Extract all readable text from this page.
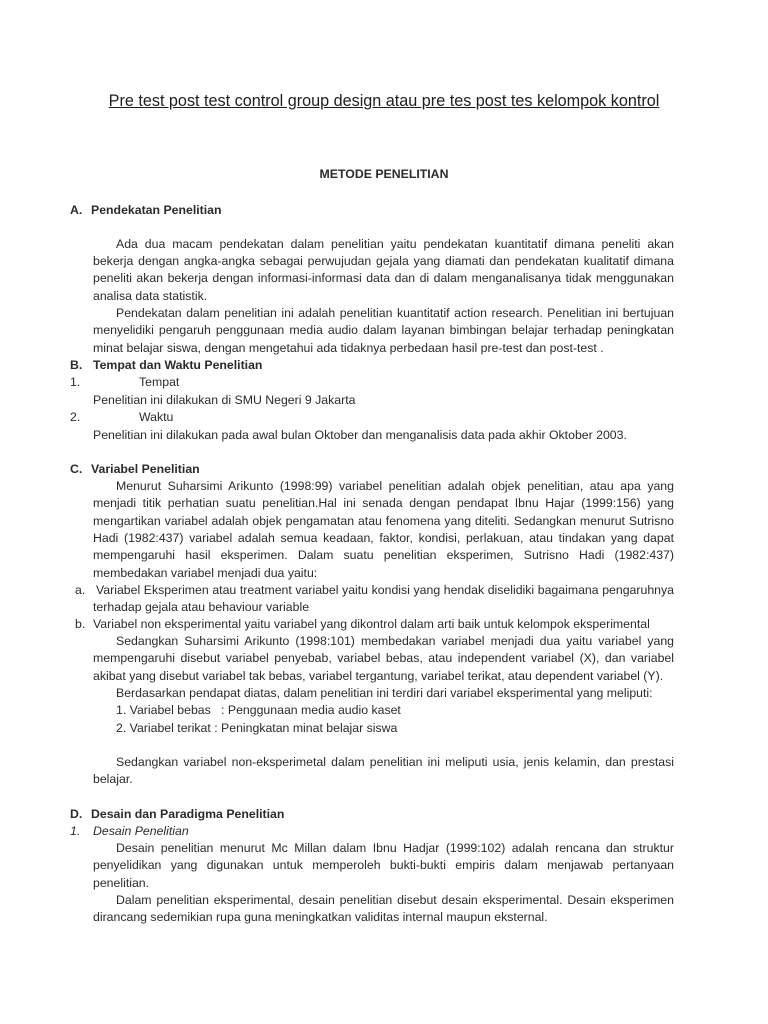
Pre test post test control group design atau pre tes post tes kelompok kontrol
METODE PENELITIAN
A. Pendekatan Penelitian
Ada dua macam pendekatan dalam penelitian yaitu pendekatan kuantitatif dimana peneliti akan
bekerja dengan angka-angka sebagai perwujudan gejala yang diamati dan pendekatan kualitatif dimana
peneliti akan bekerja dengan informasi-informasi data dan di dalam menganalisanya tidak menggunakan
analisa data statistik.
Pendekatan dalam penelitian ini adalah penelitian kuantitatif action research. Penelitian ini bertujuan
menyelidiki pengaruh penggunaan media audio dalam layanan bimbingan belajar terhadap peningkatan
minat belajar siswa, dengan mengetahui ada tidaknya perbedaan hasil pre-test dan post-test .
B. Tempat dan Waktu Penelitian
1.	Tempat
Penelitian ini dilakukan di SMU Negeri 9 Jakarta
2.	Waktu
Penelitian ini dilakukan pada awal bulan Oktober dan menganalisis data pada akhir Oktober 2003.
C. Variabel Penelitian
Menurut Suharsimi Arikunto (1998:99) variabel penelitian adalah objek penelitian, atau apa yang
menjadi titik perhatian suatu penelitian.Hal ini senada dengan pendapat Ibnu Hajar (1999:156) yang
mengartikan variabel adalah objek pengamatan atau fenomena yang diteliti. Sedangkan menurut Sutrisno
Hadi (1982:437) variabel adalah semua keadaan, faktor, kondisi, perlakuan, atau tindakan yang dapat
mempengaruhi hasil eksperimen. Dalam suatu penelitian eksperimen, Sutrisno Hadi (1982:437)
membedakan variabel menjadi dua yaitu:
a. Variabel Eksperimen atau treatment variabel yaitu kondisi yang hendak diselidiki bagaimana pengaruhnya
terhadap gejala atau behaviour variable
b. Variabel non eksperimental yaitu variabel yang dikontrol dalam arti baik untuk kelompok eksperimental
Sedangkan Suharsimi Arikunto (1998:101) membedakan variabel menjadi dua yaitu variabel yang
mempengaruhi disebut variabel penyebab, variabel bebas, atau independent variabel (X), dan variabel
akibat yang disebut variabel tak bebas, variabel tergantung, variabel terikat, atau dependent variabel (Y).
Berdasarkan pendapat diatas, dalam penelitian ini terdiri dari variabel eksperimental yang meliputi:
1. Variabel bebas   : Penggunaan media audio kaset
2. Variabel terikat : Peningkatan minat belajar siswa
Sedangkan variabel non-eksperimetal dalam penelitian ini meliputi usia, jenis kelamin, dan prestasi
belajar.
D. Desain dan Paradigma Penelitian
1. Desain Penelitian
Desain penelitian menurut Mc Millan dalam Ibnu Hadjar (1999:102) adalah rencana dan struktur
penyelidikan yang digunakan untuk memperoleh bukti-bukti empiris dalam menjawab pertanyaan
penelitian.
Dalam penelitian eksperimental, desain penelitian disebut desain eksperimental. Desain eksperimen
dirancang sedemikian rupa guna meningkatkan validitas internal maupun eksternal.
